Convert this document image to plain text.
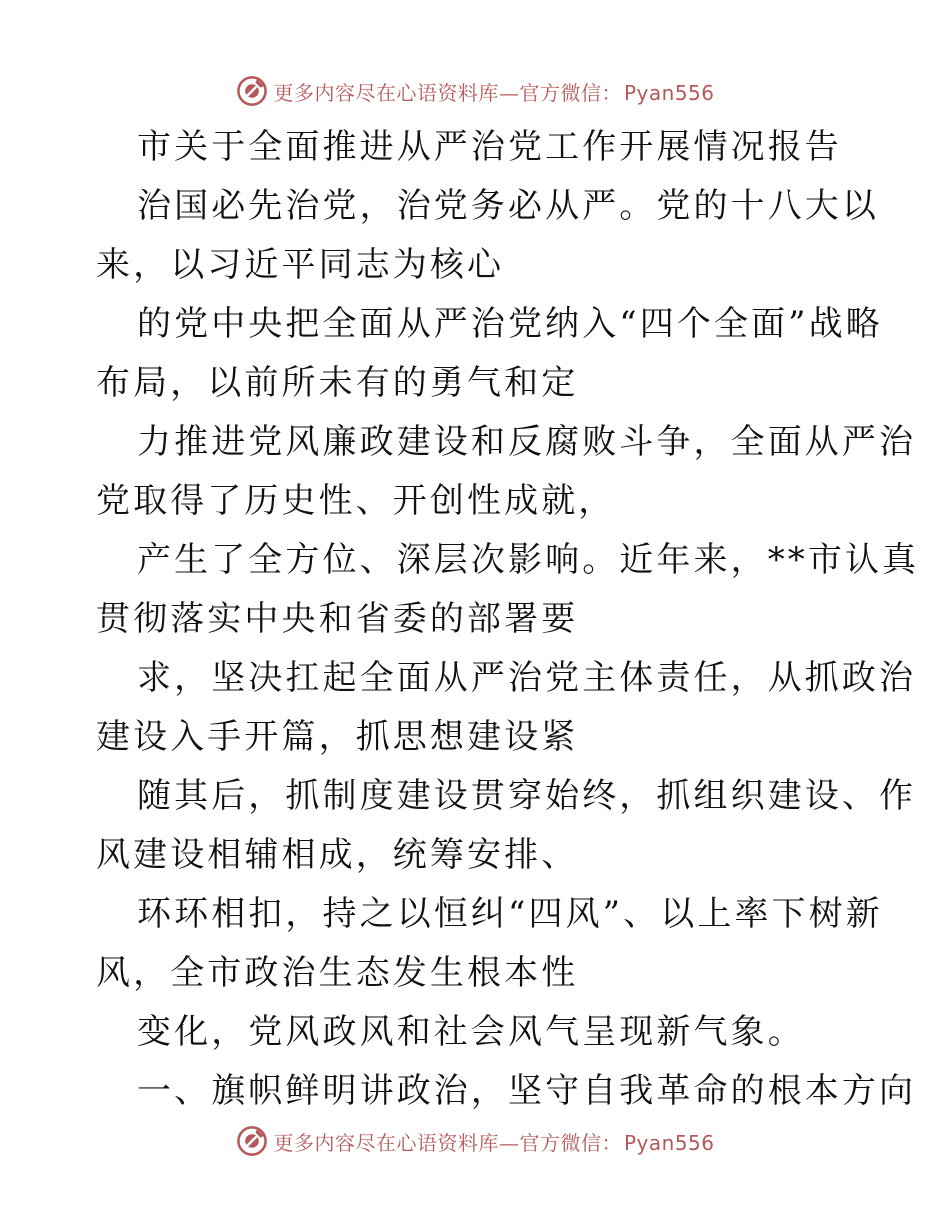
更多内容尽在心语资料库—官方微信： Pyan556
市关于全面推进从严治党工作开展情况报告
治国必先治党，治党务必从严。党的十八大以
来，以习近平同志为核心
的党中央把全面从严治党纳入“四个全面”战略
布局，以前所未有的勇气和定
力推进党风廉政建设和反腐败斗争，全面从严治
党取得了历史性、开创性成就，
产生了全方位、深层次影响。近年来，**市认真
贯彻落实中央和省委的部署要
求，坚决扛起全面从严治党主体责任，从抓政治
建设入手开篇，抓思想建设紧
随其后，抓制度建设贯穿始终，抓组织建设、作
风建设相辅相成，统筹安排、
环环相扣，持之以恒纠“四风”、以上率下树新
风，全市政治生态发生根本性
变化，党风政风和社会风气呈现新气象。
一、旗帜鲜明讲政治，坚守自我革命的根本方向
更多内容尽在心语资料库—官方微信： Pyan556
